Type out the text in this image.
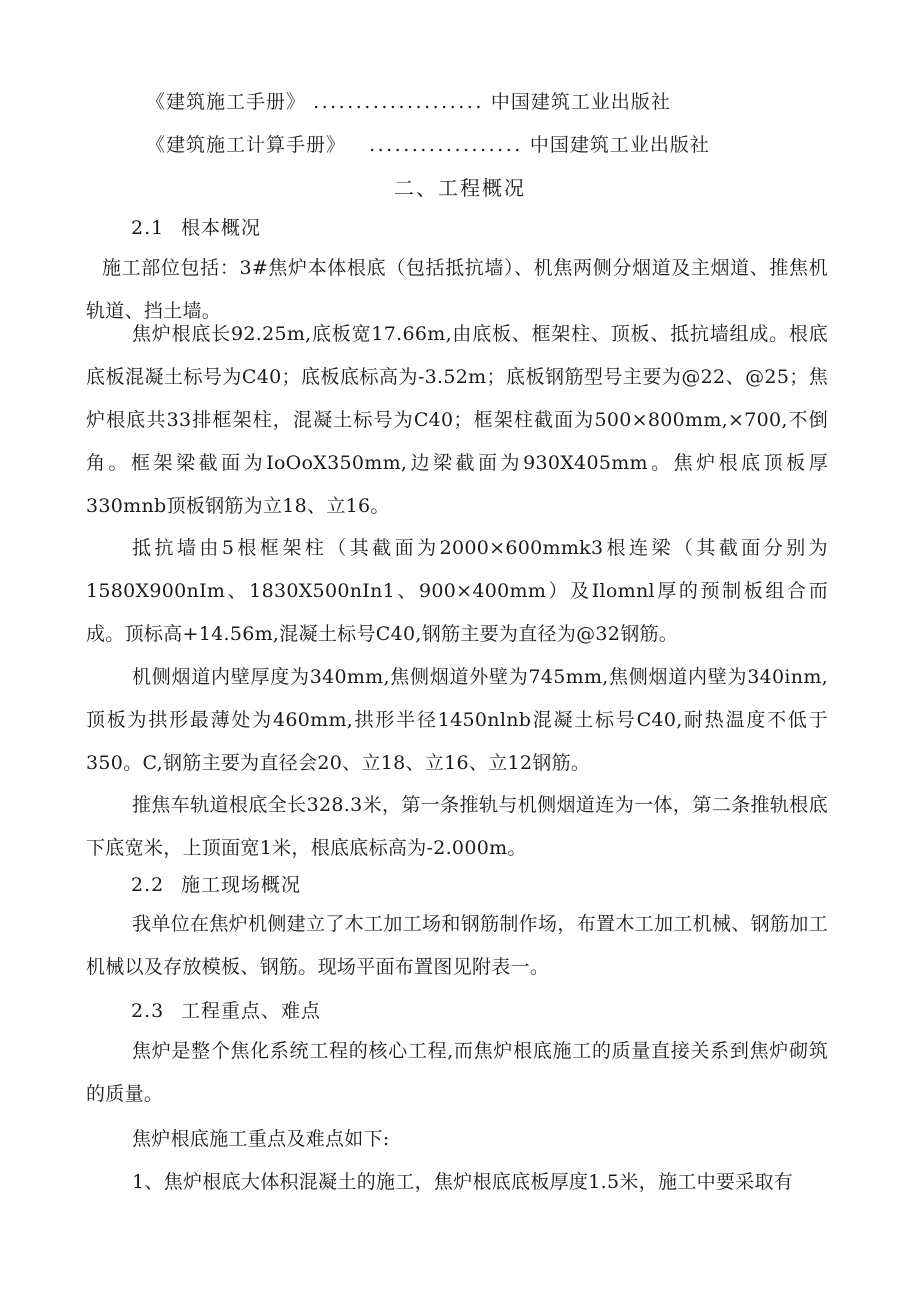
《建筑施工手册》 .................... 中国建筑工业出版社
《建筑施工计算手册》 .................. 中国建筑工业出版社
二、工程概况
2.1 根本概况

施工部位包括：3#焦炉本体根底（包括抵抗墙）、机焦两侧分烟道及主烟道、推焦机轨道、挡土墙。

焦炉根底长92.25m,底板宽17.66m,由底板、框架柱、顶板、抵抗墙组成。根底底板混凝土标号为C40；底板底标高为-3.52m；底板钢筋型号主要为@22、@25；焦炉根底共33排框架柱，混凝土标号为C40；框架柱截面为500×800mm,×700,不倒角。框架梁截面为IoOoX350mm,边梁截面为930X405mm。焦炉根底顶板厚330mnb顶板钢筋为立18、立16。

抵抗墙由5根框架柱（其截面为2000×600mmk3根连梁（其截面分别为1580X900nIm、1830X500nIn1、900×400mm）及Ilomnl厚的预制板组合而成。顶标高+14.56m,混凝土标号C40,钢筋主要为直径为@32钢筋。

机侧烟道内壁厚度为340mm,焦侧烟道外壁为745mm,焦侧烟道内壁为340inm,顶板为拱形最薄处为460mm,拱形半径1450nlnb混凝土标号C40,耐热温度不低于350。C,钢筋主要为直径会20、立18、立16、立12钢筋。

推焦车轨道根底全长328.3米，第一条推轨与机侧烟道连为一体，第二条推轨根底下底宽米，上顶面宽1米，根底底标高为-2.000m。

2.2 施工现场概况

我单位在焦炉机侧建立了木工加工场和钢筋制作场，布置木工加工机械、钢筋加工机械以及存放模板、钢筋。现场平面布置图见附表一。

2.3 工程重点、难点

焦炉是整个焦化系统工程的核心工程,而焦炉根底施工的质量直接关系到焦炉砌筑的质量。

焦炉根底施工重点及难点如下:

1、焦炉根底大体积混凝土的施工，焦炉根底底板厚度1.5米，施工中要采取有
